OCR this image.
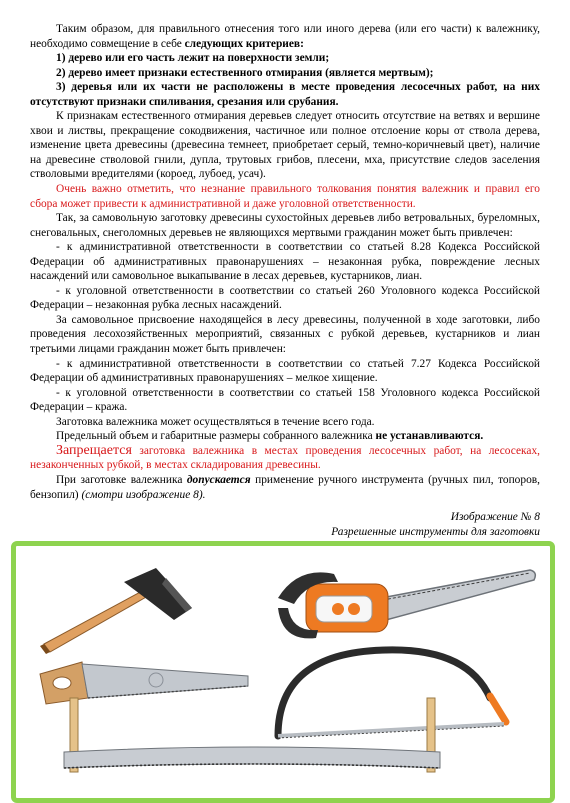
Таким образом, для правильного отнесения того или иного дерева (или его части) к валежнику, необходимо совмещение в себе следующих критериев:

1) дерево или его часть лежит на поверхности земли;

2) дерево имеет признаки естественного отмирания (является мертвым);

3) деревья или их части не расположены в месте проведения лесосечных работ, на них отсутствуют признаки спиливания, срезания или срубания.

К признакам естественного отмирания деревьев следует относить отсутствие на ветвях и вершине хвои и листвы, прекращение сокодвижения, частичное или полное отслоение коры от ствола дерева, изменение цвета древесины (древесина темнеет, приобретает серый, темно-коричневый цвет), наличие на древесине стволовой гнили, дупла, трутовых грибов, плесени, мха, присутствие следов заселения стволовыми вредителями (короед, лубоед, усач).

Очень важно отметить, что незнание правильного толкования понятия валежник и правил его сбора может привести к административной и даже уголовной ответственности.

Так, за самовольную заготовку древесины сухостойных деревьев либо ветровальных, буреломных, снеговальных, снеголомных деревьев не являющихся мертвыми гражданин может быть привлечен:

- к административной ответственности в соответствии со статьей 8.28 Кодекса Российской Федерации об административных правонарушениях – незаконная рубка, повреждение лесных насаждений или самовольное выкапывание в лесах деревьев, кустарников, лиан.

- к уголовной ответственности в соответствии со статьей 260 Уголовного кодекса Российской Федерации – незаконная рубка лесных насаждений.

За самовольное присвоение находящейся в лесу древесины, полученной в ходе заготовки, либо проведения лесохозяйственных мероприятий, связанных с рубкой деревьев, кустарников и лиан третьими лицами гражданин может быть привлечен:

- к административной ответственности в соответствии со статьей 7.27 Кодекса Российской Федерации об административных правонарушениях – мелкое хищение.

- к уголовной ответственности в соответствии со статьей 158 Уголовного кодекса Российской Федерации – кража.

Заготовка валежника может осуществляться в течение всего года.

Предельный объем и габаритные размеры собранного валежника не устанавливаются.

Запрещается заготовка валежника в местах проведения лесосечных работ, на лесосеках, незаконченных рубкой, в местах складирования древесины.

При заготовке валежника допускается применение ручного инструмента (ручных пил, топоров, бензопил) (смотри изображение 8).

Изображение № 8

Разрешенные инструменты для заготовки
